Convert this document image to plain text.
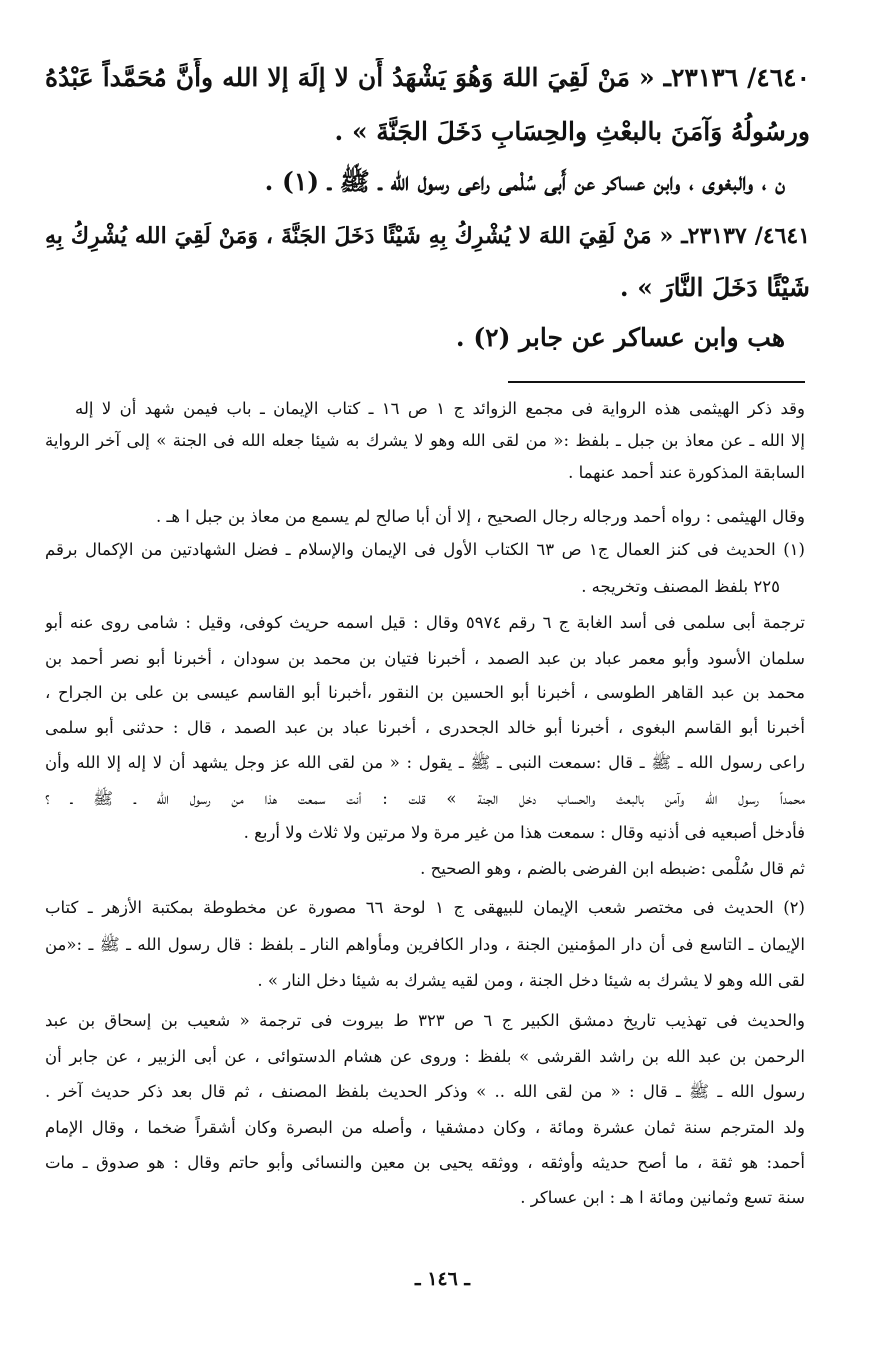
٤٦٤٠/ ٢٣١٣٦ـ « مَنْ لَقِيَ اللهَ وَهُوَ يَشْهَدُ أَن لا إلَهَ إلا الله وأَنَّ مُحَمَّداً عَبْدُهُ
ورسُولُهُ وَآمَنَ بالبعْثِ والحِسَابِ دَخَلَ الجَنَّةَ » .
ن ، والبغوى ، وابن عساكر عن أَبى سُلْمى راعى رسول الله ـ ﷺ ـ (١) .
٤٦٤١/ ٢٣١٣٧ـ « مَنْ لَقِيَ اللهَ لا يُشْرِكُ بِهِ شَيْئًا دَخَلَ الجَنَّةَ ، وَمَنْ لَقِيَ الله يُشْرِكُ بِهِ
شَيْئًا دَخَلَ النَّارَ » .
هب وابن عساكر عن جابر (٢) .
وقد ذكر الهيثمى هذه الرواية فى مجمع الزوائد ج ١ ص ١٦ ـ كتاب الإيمان ـ باب فيمن شهد أن لا إله
إلا الله ـ عن معاذ بن جبل ـ بلفظ :« من لقى الله وهو لا يشرك به شيئا جعله الله فى الجنة » إلى آخر الرواية
السابقة المذكورة عند أحمد عنهما .
وقال الهيثمى : رواه أحمد ورجاله رجال الصحيح ، إلا أن أبا صالح لم يسمع من معاذ بن جبل ا هـ .
(١) الحديث فى كنز العمال ج١ ص ٦٣ الكتاب الأول فى الإيمان والإسلام ـ فضل الشهادتين من الإكمال برقم
٢٢٥ بلفظ المصنف وتخريجه .
ترجمة أبى سلمى فى أسد الغابة ج ٦ رقم ٥٩٧٤ وقال : قيل اسمه حريث كوفى، وقيل : شامى روى عنه أبو
سلمان الأسود وأبو معمر عباد بن عبد الصمد ، أخبرنا فتيان بن محمد بن سودان ، أخبرنا أبو نصر أحمد بن
محمد بن عبد القاهر الطوسى ، أخبرنا أبو الحسين بن النقور ،أخبرنا أبو القاسم عيسى بن على بن الجراح ،
أخبرنا أبو القاسم البغوى ، أخبرنا أبو خالد الجحدرى ، أخبرنا عباد بن عبد الصمد ، قال : حدثنى أبو سلمى
راعى رسول الله ـ ﷺ ـ قال :سمعت النبى ـ ﷺ ـ يقول : « من لقى الله عز وجل يشهد أن لا إله إلا الله وأن
محمداً رسول الله وآمن بالبعث والحساب دخل الجنة » قلت : أنت سمعت هذا من رسول الله ـ ﷺ ـ ؟
فأدخل أصبعيه فى أذنيه وقال : سمعت هذا من غير مرة ولا مرتين ولا ثلاث ولا أربع .
ثم قال سُلْمى :ضبطه ابن الفرضى بالضم ، وهو الصحيح .
(٢) الحديث فى مختصر شعب الإيمان للبيهقى ج ١ لوحة ٦٦ مصورة عن مخطوطة بمكتبة الأزهر ـ كتاب
الإيمان ـ التاسع فى أن دار المؤمنين الجنة ، ودار الكافرين ومأواهم النار ـ بلفظ : قال رسول الله ـ ﷺ ـ :«من
لقى الله وهو لا يشرك به شيئا دخل الجنة ، ومن لقيه يشرك به شيئا دخل النار » .
والحديث فى تهذيب تاريخ دمشق الكبير ج ٦ ص ٣٢٣ ط بيروت فى ترجمة « شعيب بن إسحاق بن عبد
الرحمن بن عبد الله بن راشد القرشى » بلفظ : وروى عن هشام الدستوائى ، عن أبى الزبير ، عن جابر أن
رسول الله ـ ﷺ ـ قال : « من لقى الله .. » وذكر الحديث بلفظ المصنف ، ثم قال بعد ذكر حديث آخر .
ولد المترجم سنة ثمان عشرة ومائة ، وكان دمشقيا ، وأصله من البصرة وكان أشقراً ضخما ، وقال الإمام
أحمد: هو ثقة ، ما أصح حديثه وأوثقه ، ووثقه يحيى بن معين والنسائى وأبو حاتم وقال : هو صدوق ـ مات
سنة تسع وثمانين ومائة ا هـ : ابن عساكر .
ـ ١٤٦ ـ
